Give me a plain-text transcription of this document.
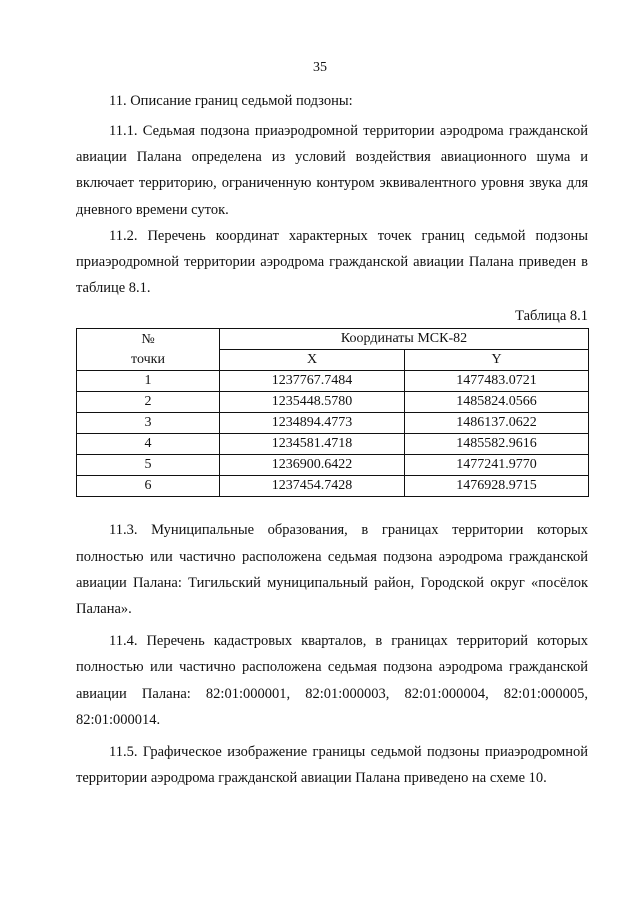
35

11. Описание границ седьмой подзоны:

11.1. Седьмая подзона приаэродромной территории аэродрома гражданской авиации Палана определена из условий воздействия авиационного шума и включает территорию, ограниченную контуром эквивалентного уровня звука для дневного времени суток.

11.2. Перечень координат характерных точек границ седьмой подзоны приаэродромной территории аэродрома гражданской авиации Палана приведен в таблице 8.1.

Таблица 8.1
№
точки	Координаты МСК-82	
	X	Y
1	1237767.7484	1477483.0721
2	1235448.5780	1485824.0566
3	1234894.4773	1486137.0622
4	1234581.4718	1485582.9616
5	1236900.6422	1477241.9770
6	1237454.7428	1476928.9715

11.3. Муниципальные образования, в границах территории которых полностью или частично расположена седьмая подзона аэродрома гражданской авиации Палана: Тигильский муниципальный район, Городской округ «посёлок Палана».

11.4. Перечень кадастровых кварталов, в границах территорий которых полностью или частично расположена седьмая подзона аэродрома гражданской авиации Палана: 82:01:000001, 82:01:000003, 82:01:000004, 82:01:000005, 82:01:000014.

11.5. Графическое изображение границы седьмой подзоны приаэродромной территории аэродрома гражданской авиации Палана приведено на схеме 10.
